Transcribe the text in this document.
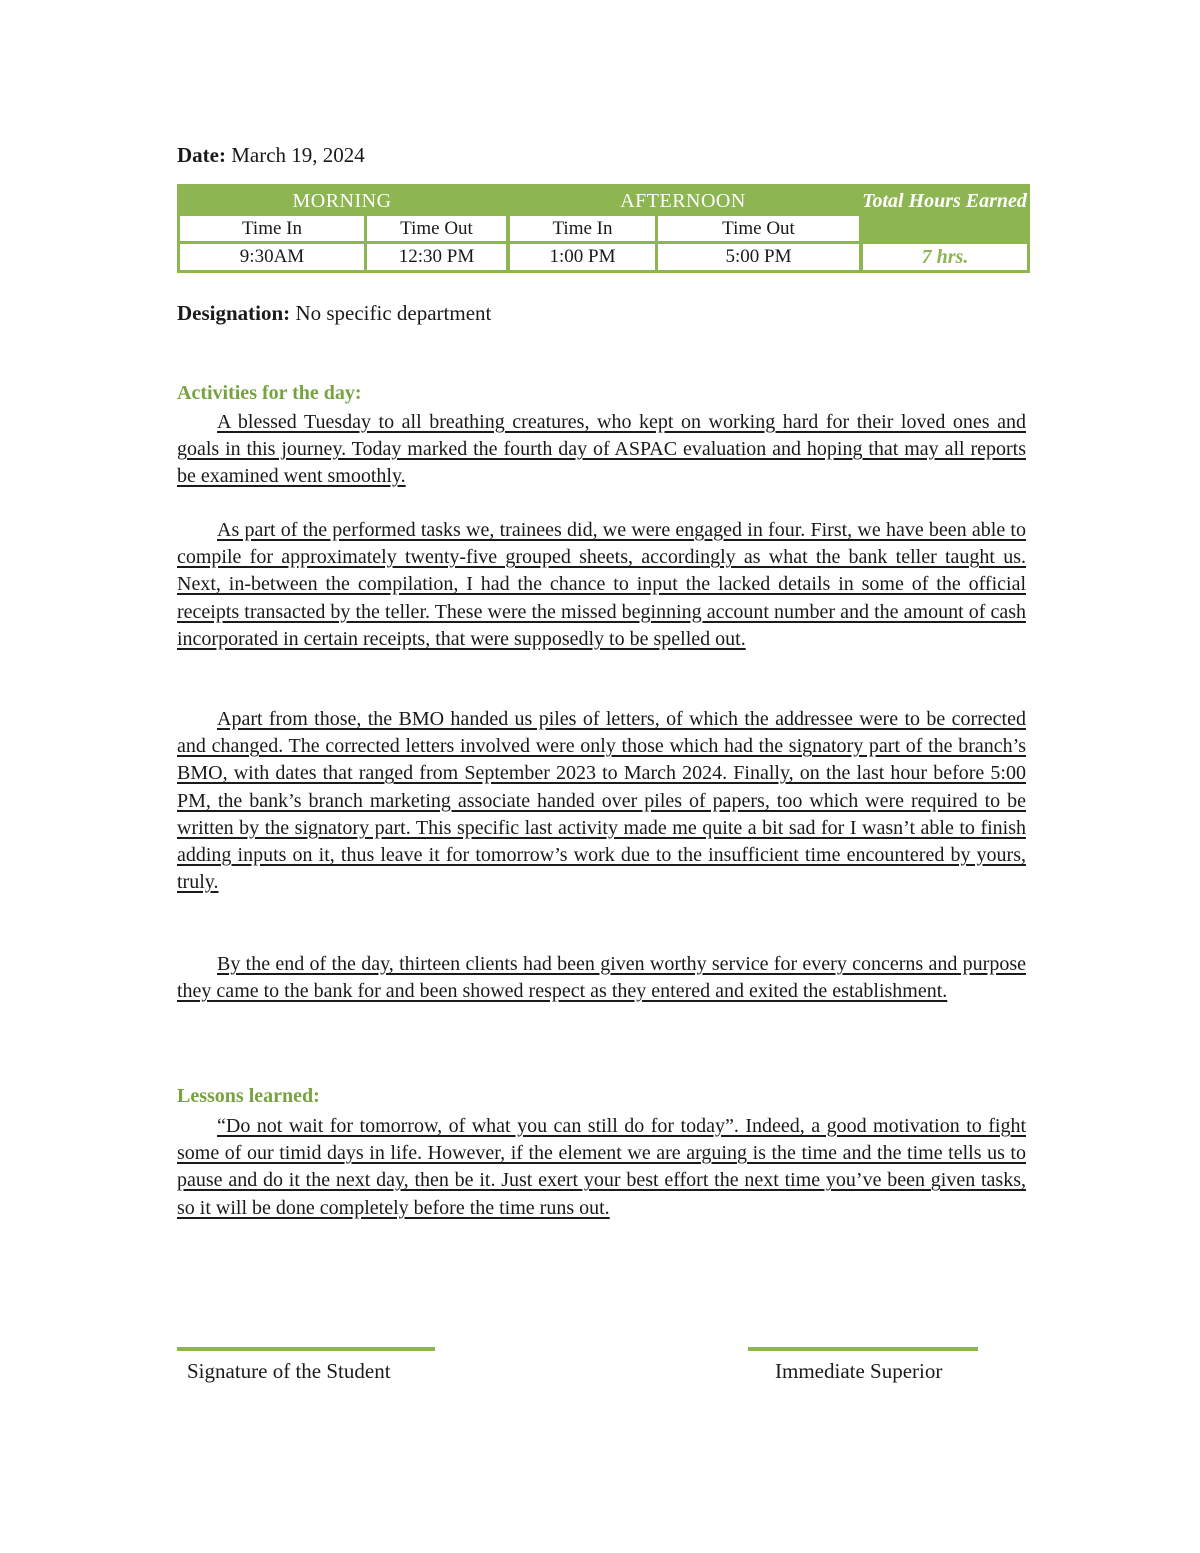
Date: March 19, 2024
MORNING	AFTERNOON	Total Hours Earned
Time In	Time Out	Time In	Time Out
9:30AM	12:30 PM	1:00 PM	5:00 PM	7 hrs.
Designation: No specific department
Activities for the day:
A blessed Tuesday to all breathing creatures, who kept on working hard for their loved ones and goals in this journey. Today marked the fourth day of ASPAC evaluation and hoping that may all reports be examined went smoothly.
As part of the performed tasks we, trainees did, we were engaged in four. First, we have been able to compile for approximately twenty-five grouped sheets, accordingly as what the bank teller taught us. Next, in-between the compilation, I had the chance to input the lacked details in some of the official receipts transacted by the teller. These were the missed beginning account number and the amount of cash incorporated in certain receipts, that were supposedly to be spelled out.
Apart from those, the BMO handed us piles of letters, of which the addressee were to be corrected and changed. The corrected letters involved were only those which had the signatory part of the branch’s BMO, with dates that ranged from September 2023 to March 2024. Finally, on the last hour before 5:00 PM, the bank’s branch marketing associate handed over piles of papers, too which were required to be written by the signatory part. This specific last activity made me quite a bit sad for I wasn’t able to finish adding inputs on it, thus leave it for tomorrow’s work due to the insufficient time encountered by yours, truly.
By the end of the day, thirteen clients had been given worthy service for every concerns and purpose they came to the bank for and been showed respect as they entered and exited the establishment.
Lessons learned:
“Do not wait for tomorrow, of what you can still do for today”. Indeed, a good motivation to fight some of our timid days in life. However, if the element we are arguing is the time and the time tells us to pause and do it the next day, then be it. Just exert your best effort the next time you’ve been given tasks, so it will be done completely before the time runs out.
Signature of the Student	Immediate Superior
